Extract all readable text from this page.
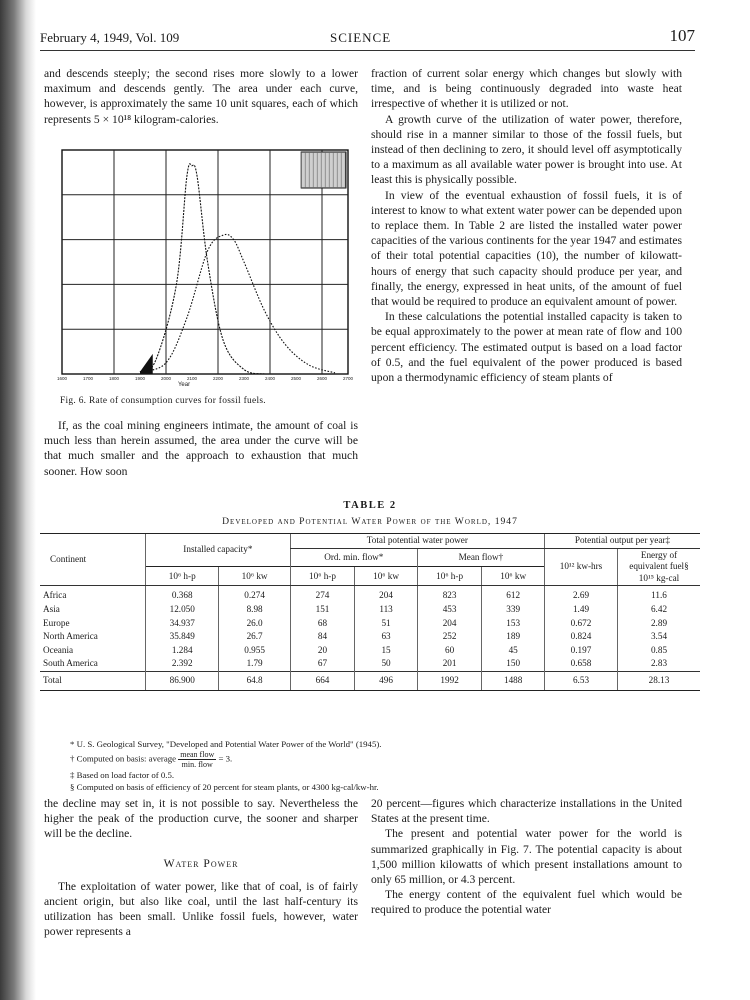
February 4, 1949, Vol. 109	SCIENCE	107

and descends steeply; the second rises more slowly to a lower maximum and descends gently. The area under each curve, however, is approximately the same 10 unit squares, each of which represents 5 × 10¹⁸ kilogram-calories.

1600	1700	1800	1900	2000	2100	2200	2300	2400	2500	2600	2700
Year
Fig. 6. Rate of consumption curves for fossil fuels.

If, as the coal mining engineers intimate, the amount of coal is much less than herein assumed, the area under the curve will be that much smaller and the approach to exhaustion that much sooner. How soon

fraction of current solar energy which changes but slowly with time, and is being continuously degraded into waste heat irrespective of whether it is utilized or not.

A growth curve of the utilization of water power, therefore, should rise in a manner similar to those of the fossil fuels, but instead of then declining to zero, it should level off asymptotically to a maximum as all available water power is brought into use. At least this is physically possible.

In view of the eventual exhaustion of fossil fuels, it is of interest to know to what extent water power can be depended upon to replace them. In Table 2 are listed the installed water power capacities of the various continents for the year 1947 and estimates of their total potential capacities (10), the number of kilowatt-hours of energy that such capacity should produce per year, and finally, the energy, expressed in heat units, of the amount of fuel that would be required to produce an equivalent amount of power.

In these calculations the potential installed capacity is taken to be equal approximately to the power at mean rate of flow and 100 percent efficiency. The estimated output is based on a load factor of 0.5, and the fuel equivalent of the power produced is based upon a thermodynamic efficiency of steam plants of

TABLE 2
Developed and Potential Water Power of the World, 1947
Continent	Installed capacity*		Total potential water power				Potential output per year‡	
			Ord. min. flow*		Mean flow†		10¹² kw-hrs	Energy of equivalent fuel§ 10¹⁵ kg-cal
	10⁶ h-p	10⁶ kw	10⁶ h-p	10⁶ kw	10⁶ h-p	10⁶ kw		
Africa	0.368	0.274	274	204	823	612	2.69	11.6
Asia	12.050	8.98	151	113	453	339	1.49	6.42
Europe	34.937	26.0	68	51	204	153	0.672	2.89
North America	35.849	26.7	84	63	252	189	0.824	3.54
Oceania	1.284	0.955	20	15	60	45	0.197	0.85
South America	2.392	1.79	67	50	201	150	0.658	2.83
Total	86.900	64.8	664	496	1992	1488	6.53	28.13
* U. S. Geological Survey, "Developed and Potential Water Power of the World" (1945).
† Computed on basis: average $\frac{\text{mean flow}}{\text{min. flow}} = 3$.
‡ Based on load factor of 0.5.
§ Computed on basis of efficiency of 20 percent for steam plants, or 4300 kg-cal/kw-hr.

the decline may set in, it is not possible to say. Nevertheless the higher the peak of the production curve, the sooner and sharper will be the decline.

Water Power

The exploitation of water power, like that of coal, is of fairly ancient origin, but also like coal, until the last half-century its utilization has been small. Unlike fossil fuels, however, water power represents a

20 percent—figures which characterize installations in the United States at the present time.

The present and potential water power for the world is summarized graphically in Fig. 7. The potential capacity is about 1,500 million kilowatts of which present installations amount to only 65 million, or 4.3 percent.

The energy content of the equivalent fuel which would be required to produce the potential water
